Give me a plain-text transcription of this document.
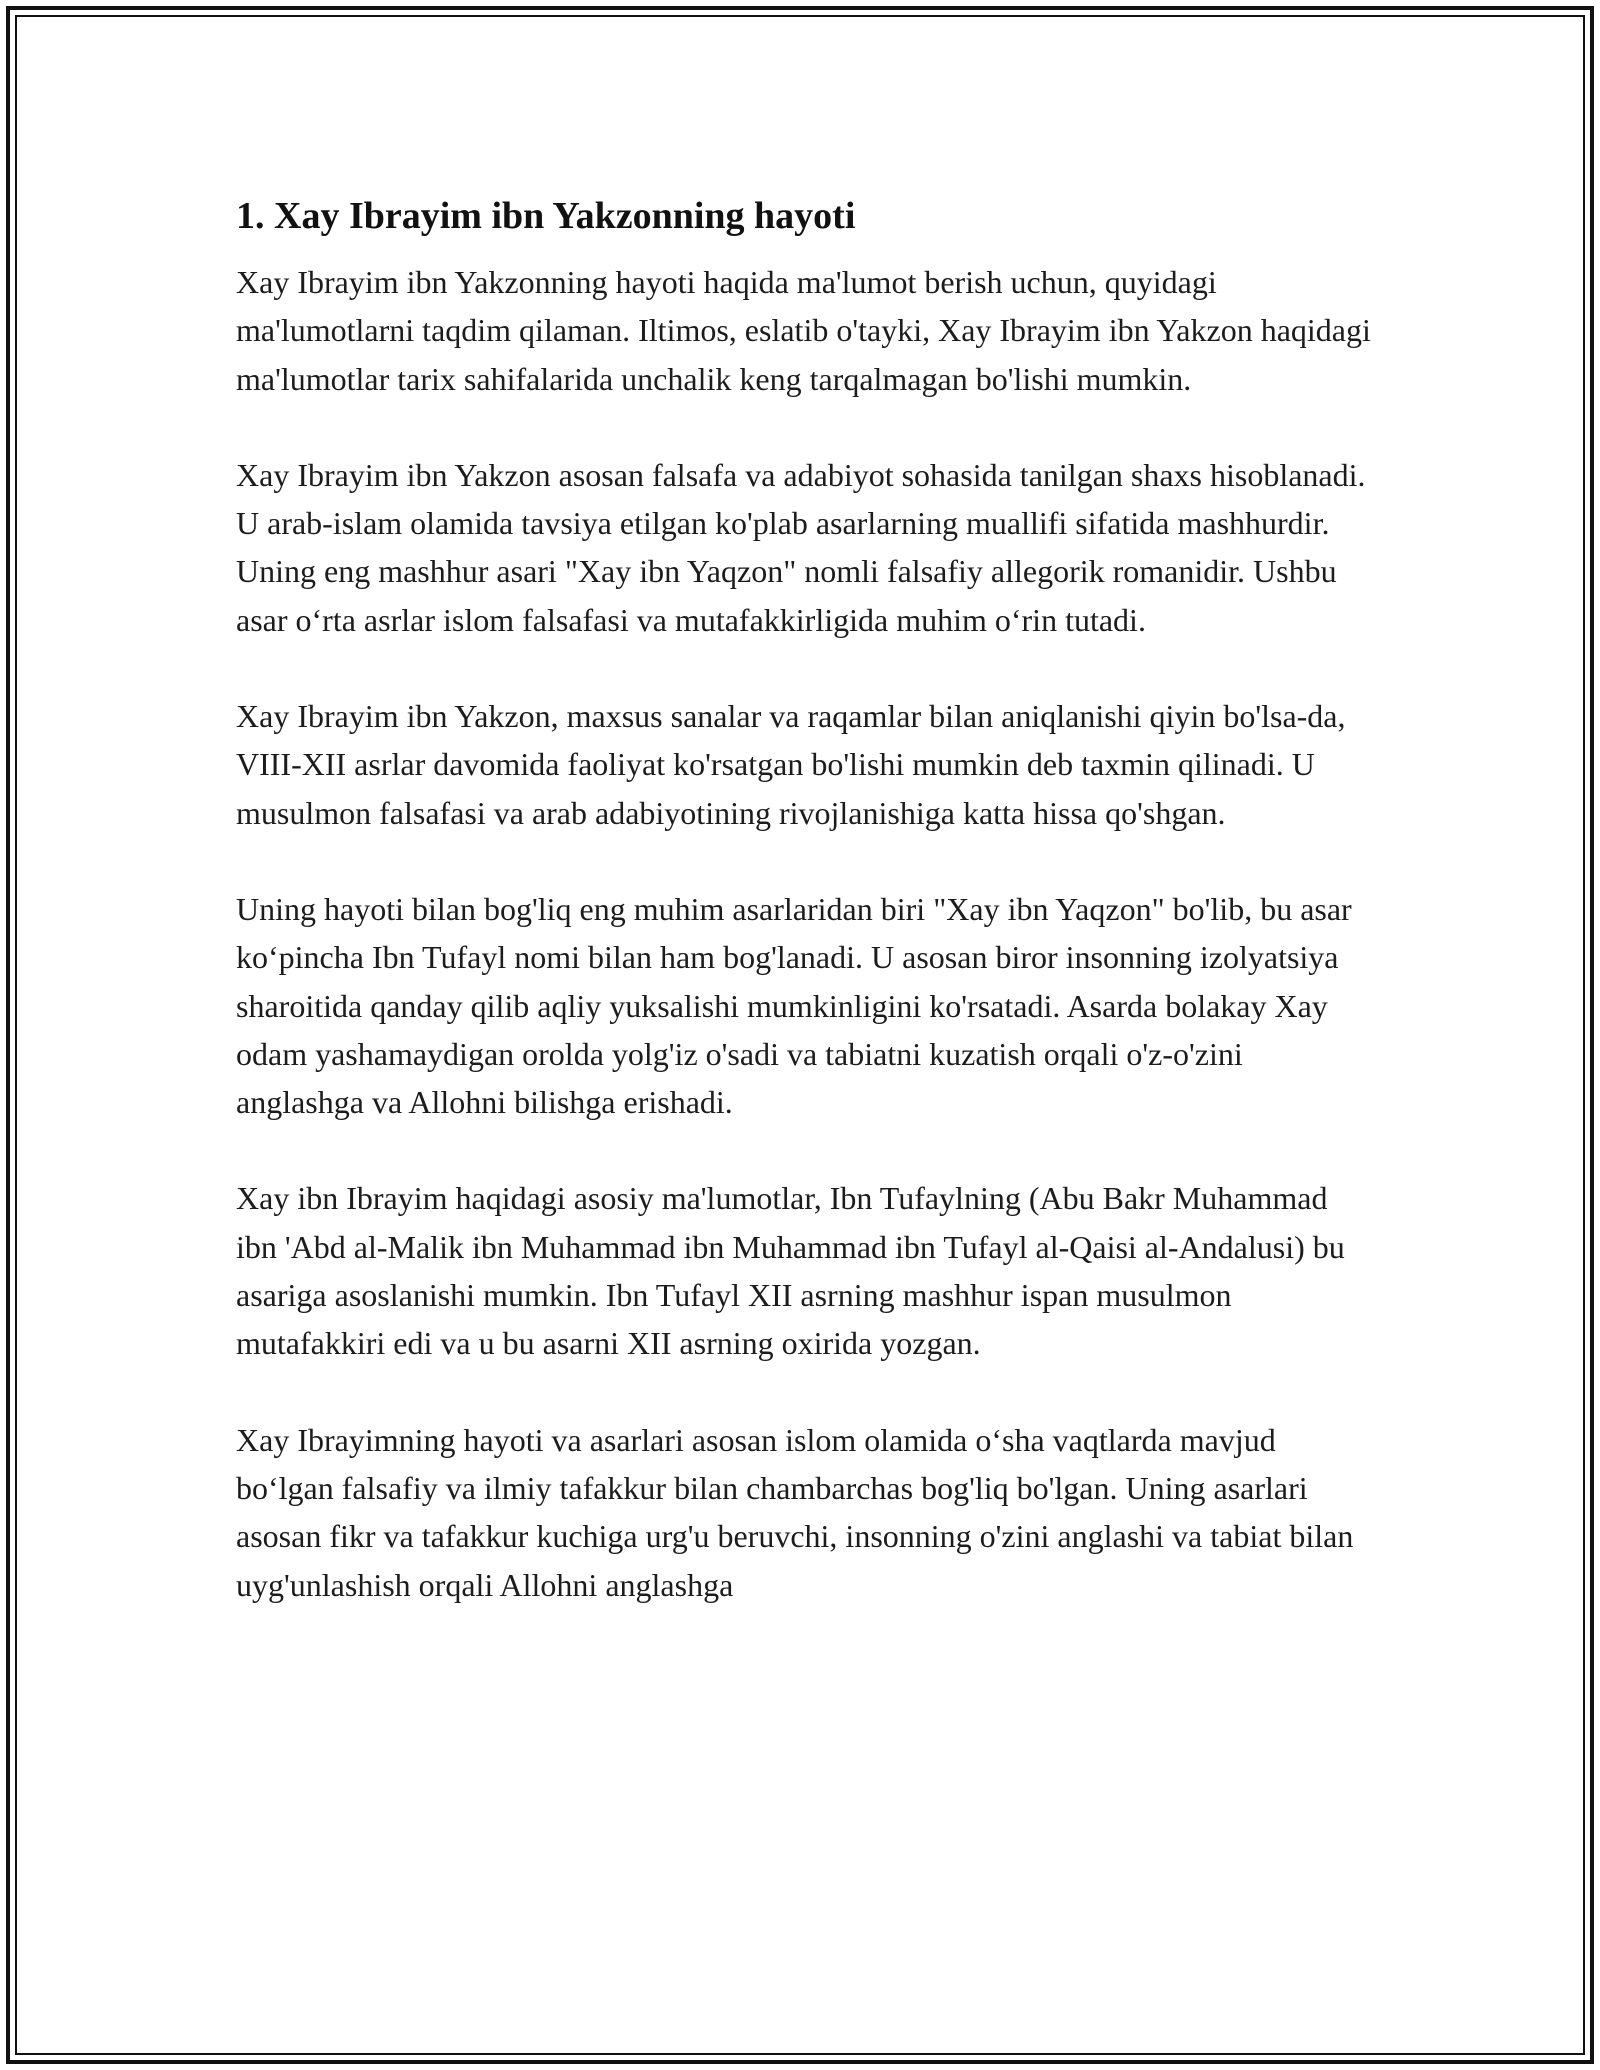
1. Xay Ibrayim ibn Yakzonning hayoti

Xay Ibrayim ibn Yakzonning hayoti haqida ma'lumot berish uchun, quyidagi ma'lumotlarni taqdim qilaman. Iltimos, eslatib o'tayki, Xay Ibrayim ibn Yakzon haqidagi ma'lumotlar tarix sahifalarida unchalik keng tarqalmagan bo'lishi mumkin.

Xay Ibrayim ibn Yakzon asosan falsafa va adabiyot sohasida tanilgan shaxs hisoblanadi. U arab-islam olamida tavsiya etilgan ko'plab asarlarning muallifi sifatida mashhurdir. Uning eng mashhur asari "Xay ibn Yaqzon" nomli falsafiy allegorik romanidir. Ushbu asar o‘rta asrlar islom falsafasi va mutafakkirligida muhim o‘rin tutadi.

Xay Ibrayim ibn Yakzon, maxsus sanalar va raqamlar bilan aniqlanishi qiyin bo'lsa-da, VIII-XII asrlar davomida faoliyat ko'rsatgan bo'lishi mumkin deb taxmin qilinadi. U musulmon falsafasi va arab adabiyotining rivojlanishiga katta hissa qo'shgan.

Uning hayoti bilan bog'liq eng muhim asarlaridan biri "Xay ibn Yaqzon" bo'lib, bu asar ko‘pincha Ibn Tufayl nomi bilan ham bog'lanadi. U asosan biror insonning izolyatsiya sharoitida qanday qilib aqliy yuksalishi mumkinligini ko'rsatadi. Asarda bolakay Xay odam yashamaydigan orolda yolg'iz o'sadi va tabiatni kuzatish orqali o'z-o'zini anglashga va Allohni bilishga erishadi.

Xay ibn Ibrayim haqidagi asosiy ma'lumotlar, Ibn Tufaylning (Abu Bakr Muhammad ibn 'Abd al-Malik ibn Muhammad ibn Muhammad ibn Tufayl al-Qaisi al-Andalusi) bu asariga asoslanishi mumkin. Ibn Tufayl XII asrning mashhur ispan musulmon mutafakkiri edi va u bu asarni XII asrning oxirida yozgan.

Xay Ibrayimning hayoti va asarlari asosan islom olamida o‘sha vaqtlarda mavjud bo‘lgan falsafiy va ilmiy tafakkur bilan chambarchas bog'liq bo'lgan. Uning asarlari asosan fikr va tafakkur kuchiga urg'u beruvchi, insonning o'zini anglashi va tabiat bilan uyg'unlashish orqali Allohni anglashga
